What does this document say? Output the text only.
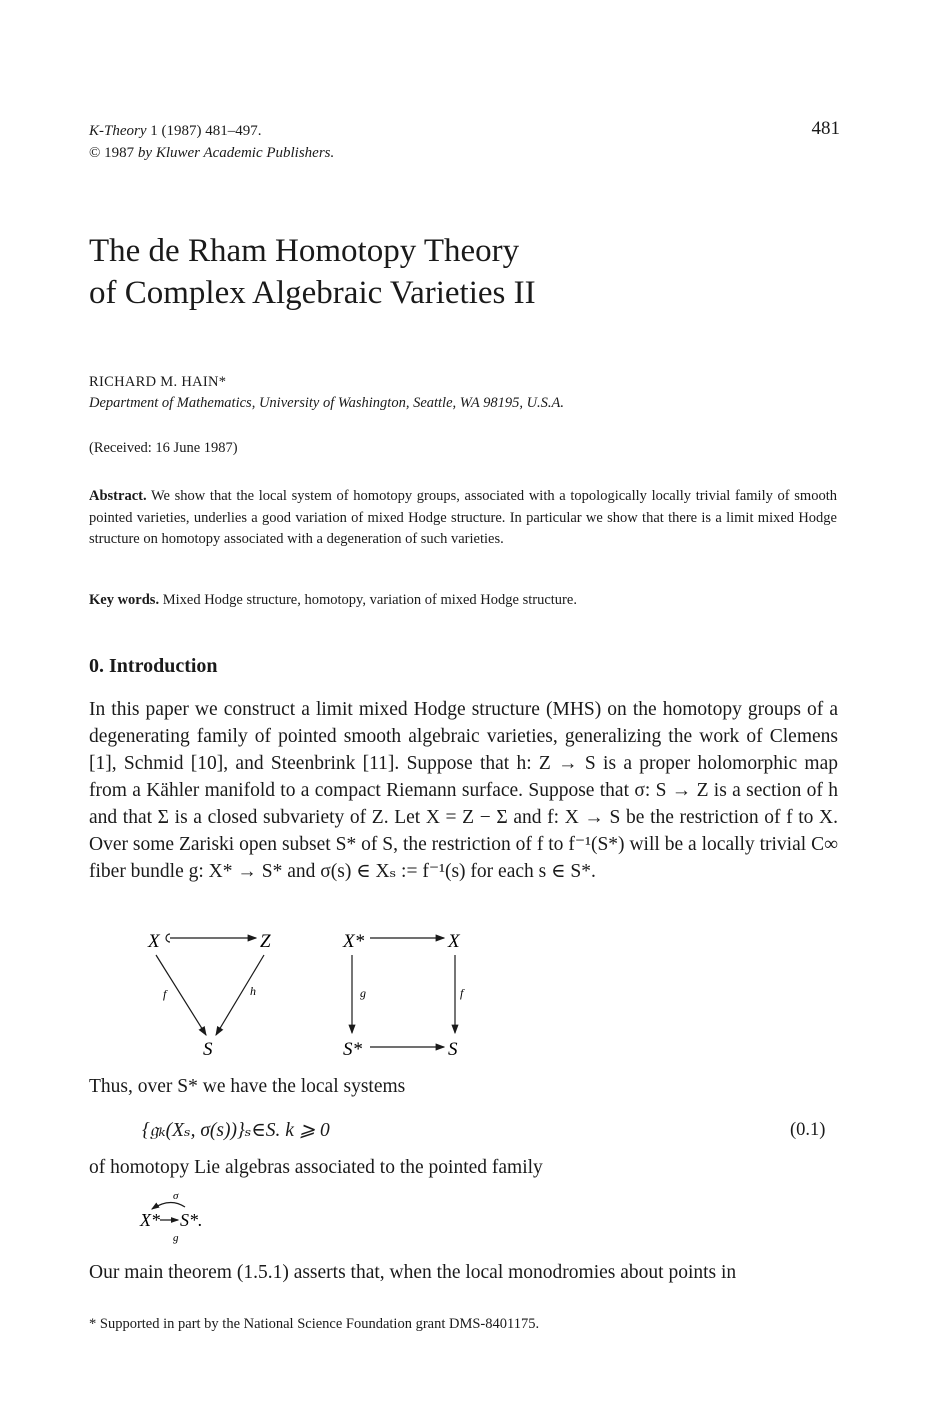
K-Theory 1 (1987) 481–497.
© 1987 by Kluwer Academic Publishers.
481
The de Rham Homotopy Theory
of Complex Algebraic Varieties II
RICHARD M. HAIN*
Department of Mathematics, University of Washington, Seattle, WA 98195, U.S.A.
(Received: 16 June 1987)
Abstract. We show that the local system of homotopy groups, associated with a topologically locally trivial family of smooth pointed varieties, underlies a good variation of mixed Hodge structure. In particular we show that there is a limit mixed Hodge structure on homotopy associated with a degeneration of such varieties.
Key words. Mixed Hodge structure, homotopy, variation of mixed Hodge structure.
0. Introduction
In this paper we construct a limit mixed Hodge structure (MHS) on the homotopy groups of a degenerating family of pointed smooth algebraic varieties, generalizing the work of Clemens [1], Schmid [10], and Steenbrink [11]. Suppose that h: Z → S is a proper holomorphic map from a Kähler manifold to a compact Riemann surface. Suppose that σ: S → Z is a section of h and that Σ is a closed subvariety of Z. Let X = Z − Σ and f: X → S be the restriction of f to X. Over some Zariski open subset S* of S, the restriction of f to f⁻¹(S*) will be a locally trivial C∞ fiber bundle g: X* → S* and σ(s) ∈ Xₛ := f⁻¹(s) for each s ∈ S*.
X	Z
S
f	h
X*	X
S*	S
g	f
Thus, over S* we have the local systems
{𝔤ₖ(Xₛ, σ(s))}ₛ∈S. k ⩾ 0	(0.1)
of homotopy Lie algebras associated to the pointed family
σ
X* S*.
g
Our main theorem (1.5.1) asserts that, when the local monodromies about points in
* Supported in part by the National Science Foundation grant DMS-8401175.
